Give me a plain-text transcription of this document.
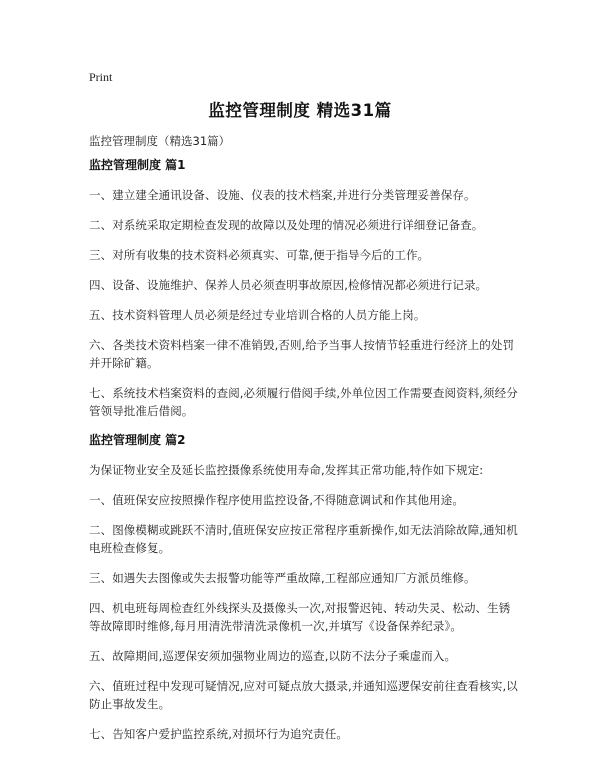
Print
监控管理制度 精选31篇
监控管理制度（精选31篇）
监控管理制度 篇1

一、建立建全通讯设备、设施、仪表的技术档案,并进行分类管理妥善保存。

二、对系统采取定期检查发现的故障以及处理的情况必须进行详细登记备查。

三、对所有收集的技术资料必须真实、可靠,便于指导今后的工作。

四、设备、设施维护、保养人员必须查明事故原因,检修情况都必须进行记录。

五、技术资料管理人员必须是经过专业培训合格的人员方能上岗。

六、各类技术资料档案一律不准销毁,否则,给予当事人按情节轻重进行经济上的处罚并开除矿籍。

七、系统技术档案资料的查阅,必须履行借阅手续,外单位因工作需要查阅资料,须经分管领导批准后借阅。

监控管理制度 篇2

为保证物业安全及延长监控摄像系统使用寿命,发挥其正常功能,特作如下规定:

一、值班保安应按照操作程序使用监控设备,不得随意调试和作其他用途。

二、图像模糊或跳跃不清时,值班保安应按正常程序重新操作,如无法消除故障,通知机电班检查修复。

三、如遇失去图像或失去报警功能等严重故障,工程部应通知厂方派员维修。

四、机电班每周检查红外线探头及摄像头一次,对报警迟钝、转动失灵、松动、生锈等故障即时维修,每月用清洗带清洗录像机一次,并填写《设备保养纪录》。

五、故障期间,巡逻保安须加强物业周边的巡查,以防不法分子乘虚而入。

六、值班过程中发现可疑情况,应对可疑点放大摄录,并通知巡逻保安前往查看核实,以防止事故发生。

七、告知客户爱护监控系统,对损坏行为追究责任。
